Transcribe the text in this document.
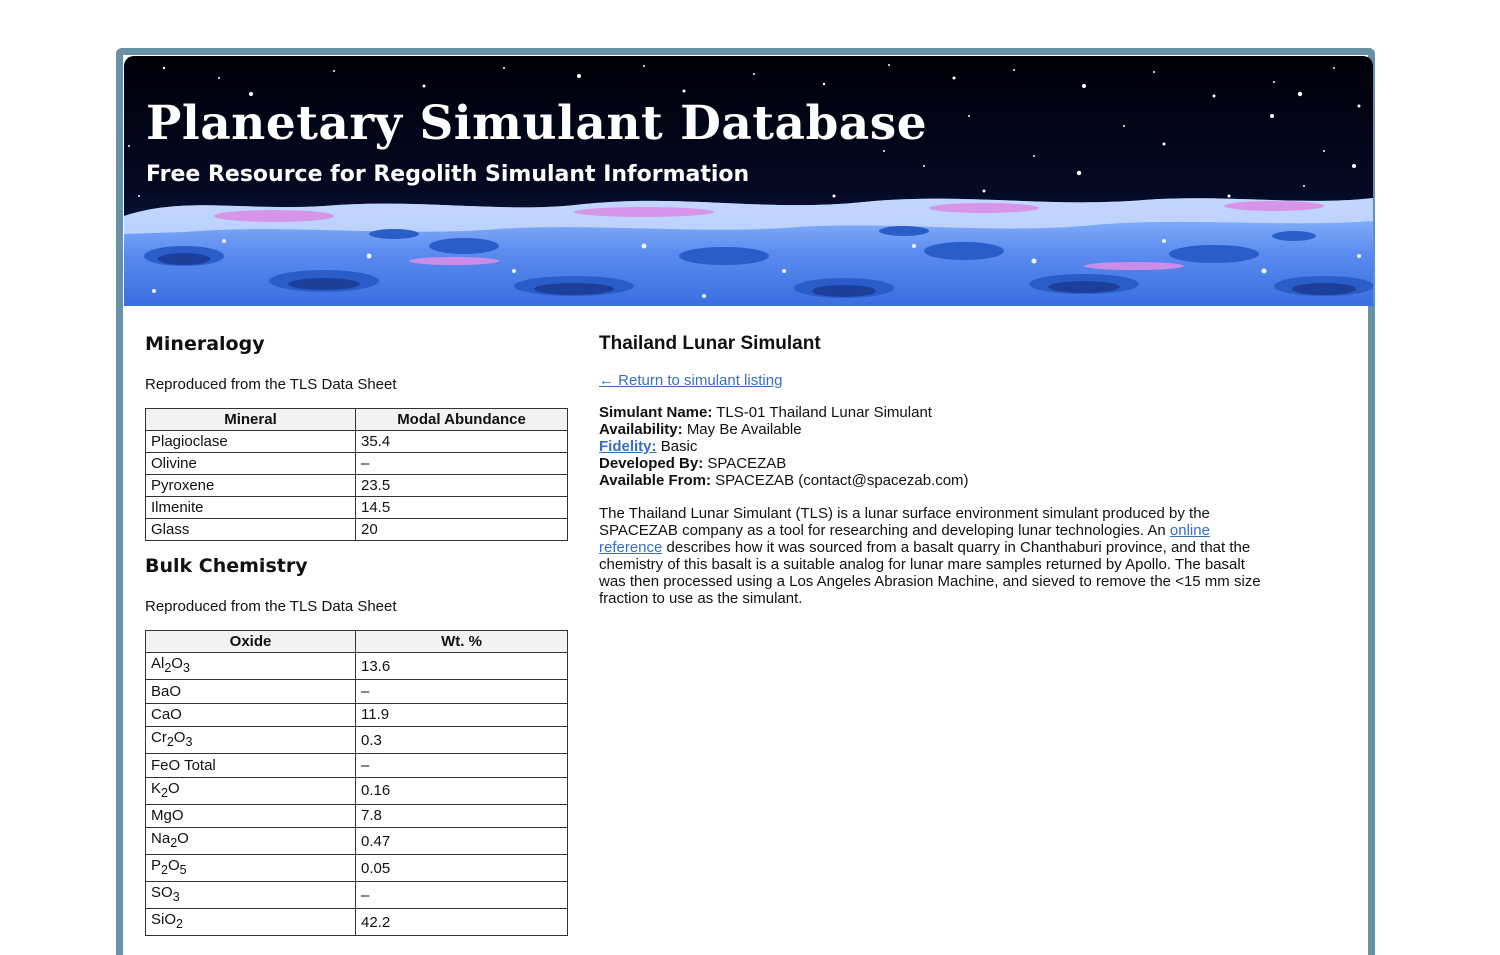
Planetary Simulant Database

Free Resource for Regolith Simulant Information

Mineralogy

Reproduced from the TLS Data Sheet

Mineral	Modal Abundance
Plagioclase	35.4
Olivine	–
Pyroxene	23.5
Ilmenite	14.5
Glass	20
Bulk Chemistry

Reproduced from the TLS Data Sheet

Oxide	Wt. %
$Al_2O_3$	13.6
BaO	–
CaO	11.9
$Cr_2O_3$	0.3
FeO Total	–
$K_2O$	0.16
MgO	7.8
$Na_2O$	0.47
$P_2O_5$	0.05
$SO_3$	–
SiO$_2$	42.2
Thailand Lunar Simulant
← Return to simulant listing
Simulant Name: TLS-01 Thailand Lunar Simulant
Availability: May Be Available
Fidelity: Basic
Developed By: SPACEZAB
Available From: SPACEZAB (contact@spacezab.com)

The Thailand Lunar Simulant (TLS) is a lunar surface environment simulant produced by the SPACEZAB company as a tool for researching and developing lunar technologies. An online reference describes how it was sourced from a basalt quarry in Chanthaburi province, and that the chemistry of this basalt is a suitable analog for lunar mare samples returned by Apollo. The basalt was then processed using a Los Angeles Abrasion Machine, and sieved to remove the <15 mm size fraction to use as the simulant.
